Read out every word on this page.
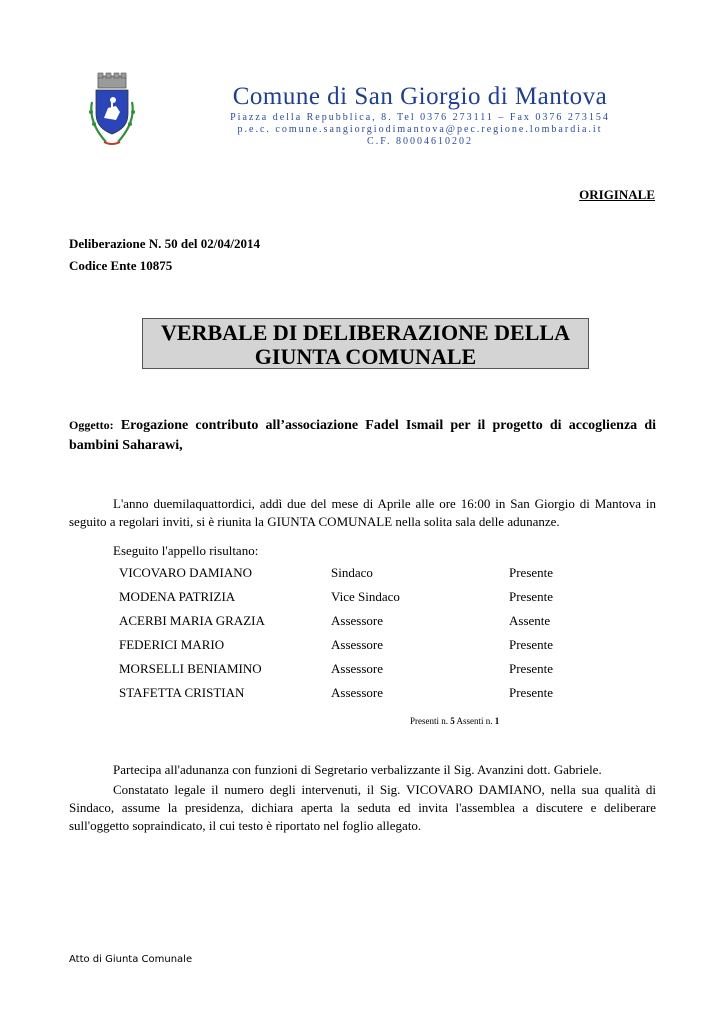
Comune di San Giorgio di Mantova
Piazza della Repubblica, 8. Tel 0376 273111 – Fax 0376 273154
p.e.c. comune.sangiorgiodimantova@pec.regione.lombardia.it
C.F. 80004610202
ORIGINALE
Deliberazione N. 50 del 02/04/2014
Codice Ente 10875
VERBALE DI DELIBERAZIONE DELLA
GIUNTA COMUNALE
Oggetto: Erogazione contributo all’associazione Fadel Ismail per il progetto di accoglienza di bambini Saharawi,
L'anno duemilaquattordici, addì due del mese di Aprile alle ore 16:00 in San Giorgio di Mantova in seguito a regolari inviti, si è riunita la GIUNTA COMUNALE nella solita sala delle adunanze.
Eseguito l'appello risultano:
VICOVARO DAMIANO	Sindaco	Presente
MODENA PATRIZIA	Vice Sindaco	Presente
ACERBI MARIA GRAZIA	Assessore	Assente
FEDERICI MARIO	Assessore	Presente
MORSELLI BENIAMINO	Assessore	Presente
STAFETTA CRISTIAN	Assessore	Presente
Presenti n. 5 Assenti n. 1
Partecipa all'adunanza con funzioni di Segretario verbalizzante il Sig. Avanzini dott. Gabriele.
Constatato legale il numero degli intervenuti, il Sig. VICOVARO DAMIANO, nella sua qualità di Sindaco, assume la presidenza, dichiara aperta la seduta ed invita l'assemblea a discutere e deliberare sull'oggetto sopraindicato, il cui testo è riportato nel foglio allegato.
Atto di Giunta Comunale
